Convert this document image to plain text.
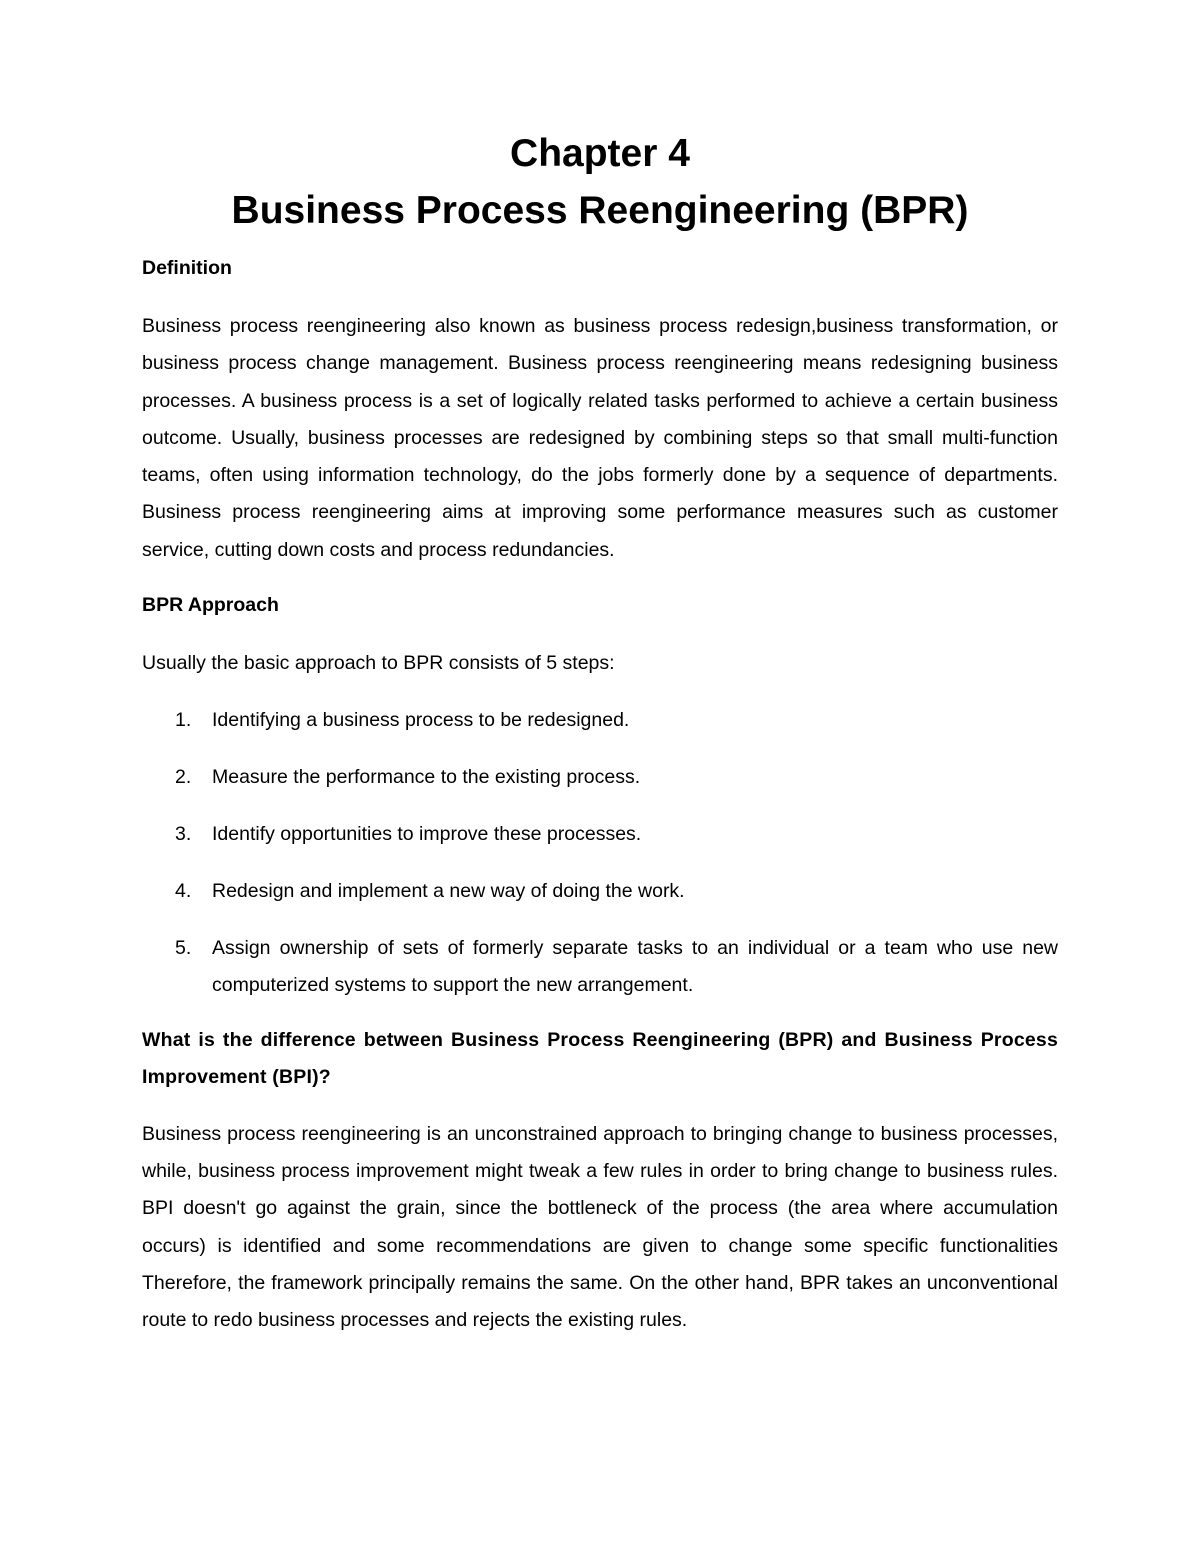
Chapter 4
Business Process Reengineering (BPR)
Definition

Business process reengineering also known as business process redesign,business transformation, or business process change management. Business process reengineering means redesigning business processes. A business process is a set of logically related tasks performed to achieve a certain business outcome. Usually, business processes are redesigned by combining steps so that small multi-function teams, often using information technology, do the jobs formerly done by a sequence of departments. Business process reengineering aims at improving some performance measures such as customer service, cutting down costs and process redundancies.

BPR Approach

Usually the basic approach to BPR consists of 5 steps:

1. Identifying a business process to be redesigned.
2. Measure the performance to the existing process.
3. Identify opportunities to improve these processes.
4. Redesign and implement a new way of doing the work.
5. Assign ownership of sets of formerly separate tasks to an individual or a team who use new computerized systems to support the new arrangement.
What is the difference between Business Process Reengineering (BPR) and Business Process Improvement (BPI)?

Business process reengineering is an unconstrained approach to bringing change to business processes, while, business process improvement might tweak a few rules in order to bring change to business rules. BPI doesn't go against the grain, since the bottleneck of the process (the area where accumulation occurs) is identified and some recommendations are given to change some specific functionalities Therefore, the framework principally remains the same. On the other hand, BPR takes an unconventional route to redo business processes and rejects the existing rules.
